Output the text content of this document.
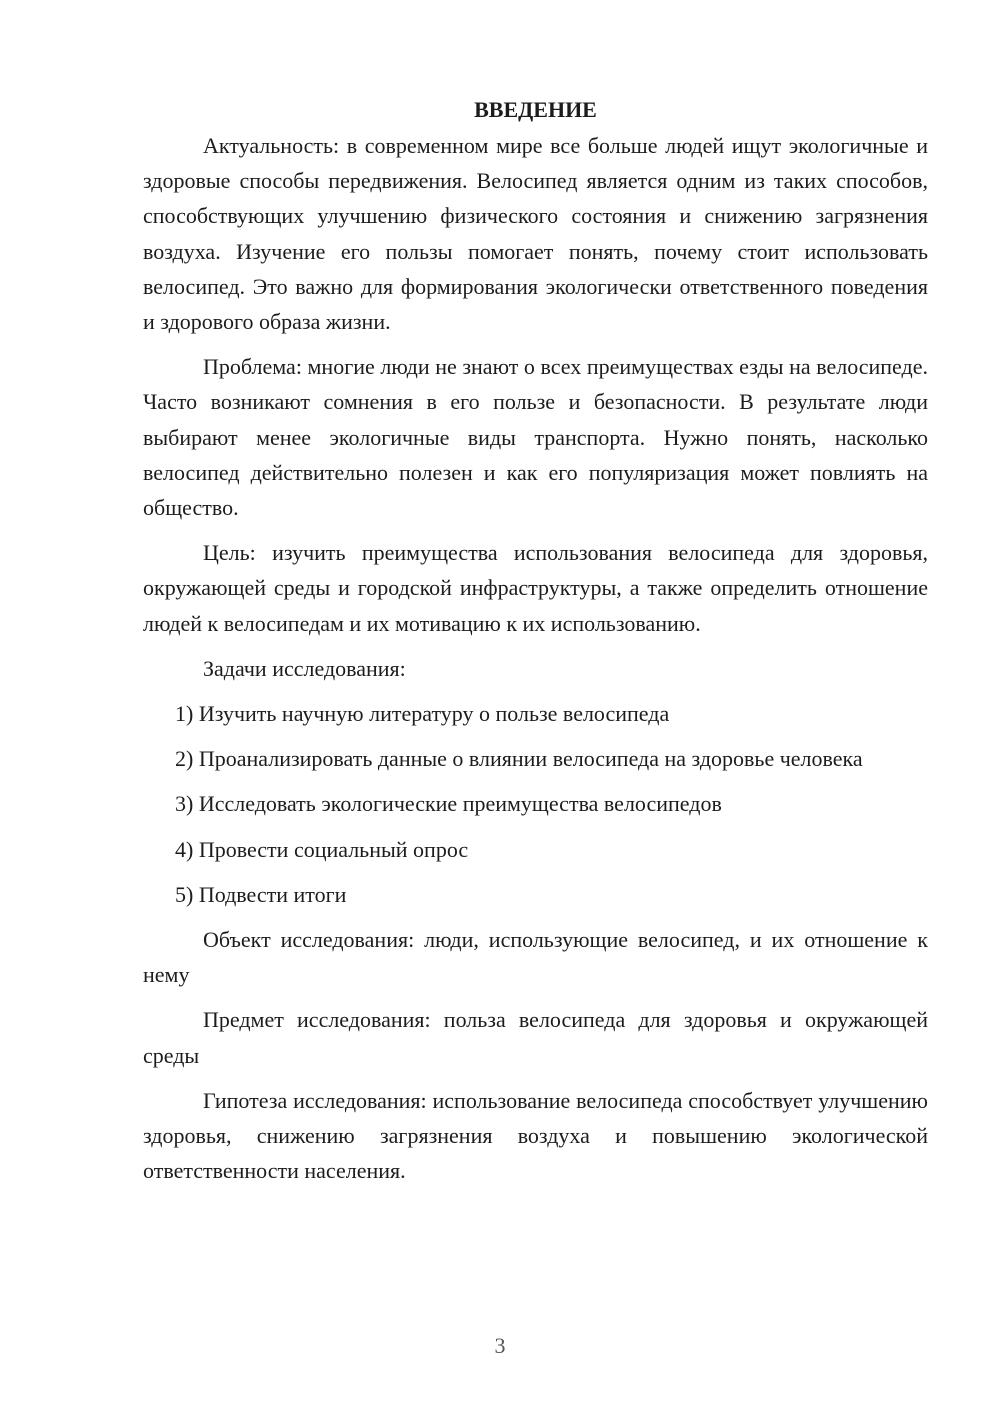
ВВЕДЕНИЕ

Актуальность: в современном мире все больше людей ищут экологичные и здоровые способы передвижения. Велосипед является одним из таких способов, способствующих улучшению физического состояния и снижению загрязнения воздуха. Изучение его пользы помогает понять, почему стоит использовать велосипед. Это важно для формирования экологически ответственного поведения и здорового образа жизни.

Проблема: многие люди не знают о всех преимуществах езды на велосипеде. Часто возникают сомнения в его пользе и безопасности. В результате люди выбирают менее экологичные виды транспорта. Нужно понять, насколько велосипед действительно полезен и как его популяризация может повлиять на общество.

Цель: изучить преимущества использования велосипеда для здоровья, окружающей среды и городской инфраструктуры, а также определить отношение людей к велосипедам и их мотивацию к их использованию.

Задачи исследования:

1) Изучить научную литературу о пользе велосипеда

2) Проанализировать данные о влиянии велосипеда на здоровье человека

3) Исследовать экологические преимущества велосипедов

4) Провести социальный опрос

5) Подвести итоги

Объект исследования: люди, использующие велосипед, и их отношение к нему

Предмет исследования: польза велосипеда для здоровья и окружающей среды

Гипотеза исследования: использование велосипеда способствует улучшению здоровья, снижению загрязнения воздуха и повышению экологической ответственности населения.

3
